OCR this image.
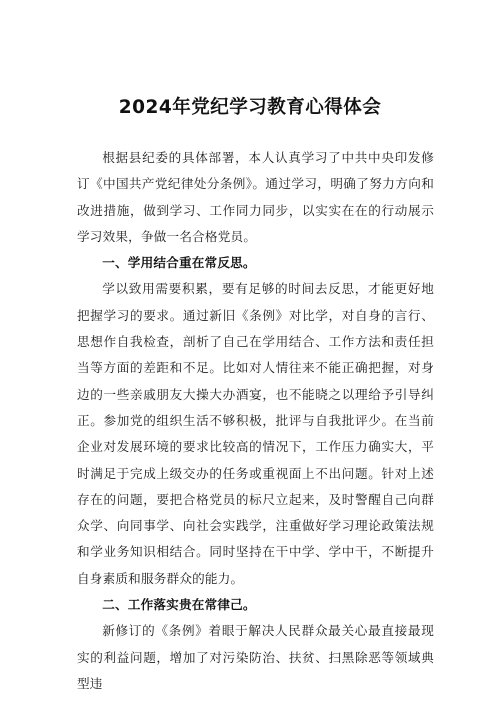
2024年党纪学习教育心得体会

根据县纪委的具体部署，本人认真学习了中共中央印发修订《中国共产党纪律处分条例》。通过学习，明确了努力方向和改进措施，做到学习、工作同力同步，以实实在在的行动展示学习效果，争做一名合格党员。

一、学用结合重在常反思。

学以致用需要积累，要有足够的时间去反思，才能更好地把握学习的要求。通过新旧《条例》对比学，对自身的言行、思想作自我检查，剖析了自己在学用结合、工作方法和责任担当等方面的差距和不足。比如对人情往来不能正确把握，对身边的一些亲戚朋友大操大办酒宴，也不能晓之以理给予引导纠正。参加党的组织生活不够积极，批评与自我批评少。在当前企业对发展环境的要求比较高的情况下，工作压力确实大，平时满足于完成上级交办的任务或重视面上不出问题。针对上述存在的问题，要把合格党员的标尺立起来，及时警醒自己向群众学、向同事学、向社会实践学，注重做好学习理论政策法规和学业务知识相结合。同时坚持在干中学、学中干，不断提升自身素质和服务群众的能力。

二、工作落实贵在常律己。

新修订的《条例》着眼于解决人民群众最关心最直接最现实的利益问题，增加了对污染防治、扶贫、扫黑除恶等领域典型违
